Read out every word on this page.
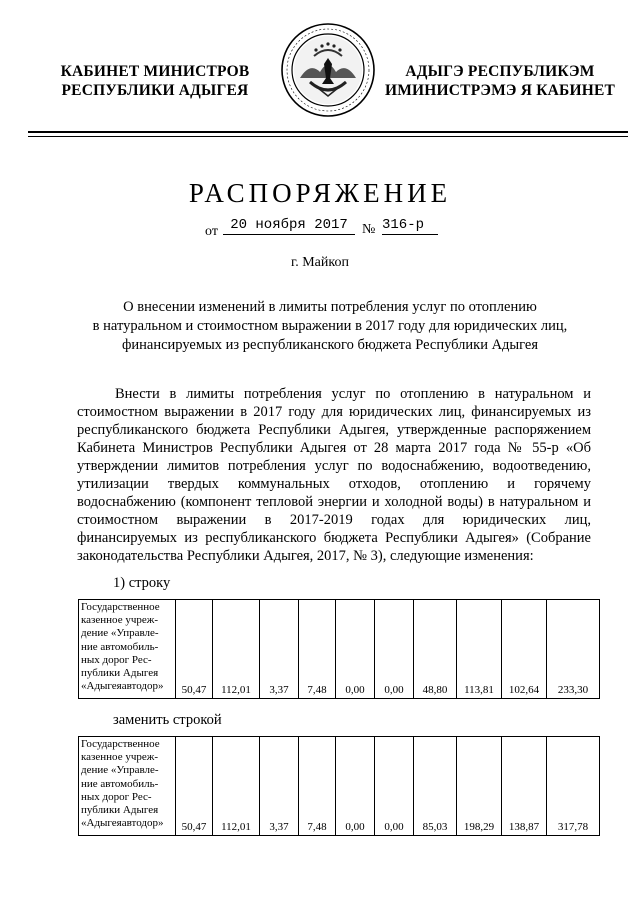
КАБИНЕТ МИНИСТРОВ
РЕСПУБЛИКИ АДЫГЕЯ
АДЫГЭ РЕСПУБЛИКЭМ
ИМИНИСТРЭМЭ Я КАБИНЕТ
РАСПОРЯЖЕНИЕ
от 20 ноября 2017	№ 316-р
г. Майкоп
О внесении изменений в лимиты потребления услуг по отоплению
в натуральном и стоимостном выражении в 2017 году для юридических лиц,
финансируемых из республиканского бюджета Республики Адыгея
Внести в лимиты потребления услуг по отоплению в натуральном и стоимостном выражении в 2017 году для юридических лиц, финансируемых из республиканского бюджета Республики Адыгея, утвержденные распоряжением Кабинета Министров Республики Адыгея от 28 марта 2017 года № 55-р «Об утверждении лимитов потребления услуг по водоснабжению, водоотведению, утилизации твердых коммунальных отходов, отоплению и горячему водоснабжению (компонент тепловой энергии и холодной воды) в натуральном и стоимостном выражении в 2017-2019 годах для юридических лиц, финансируемых из республиканского бюджета Республики Адыгея» (Собрание законодательства Республики Адыгея, 2017, № 3), следующие изменения:
1) строку
Государственное казенное учреж-дение «Управле-ние автомобиль-ных дорог Рес-публики Адыгея «Адыгеяавтодор»	50,47	112,01	3,37	7,48	0,00	0,00	48,80	113,81	102,64	233,30
заменить строкой
Государственное казенное учреж-дение «Управле-ние автомобиль-ных дорог Рес-публики Адыгея «Адыгеяавтодор»	50,47	112,01	3,37	7,48	0,00	0,00	85,03	198,29	138,87	317,78
